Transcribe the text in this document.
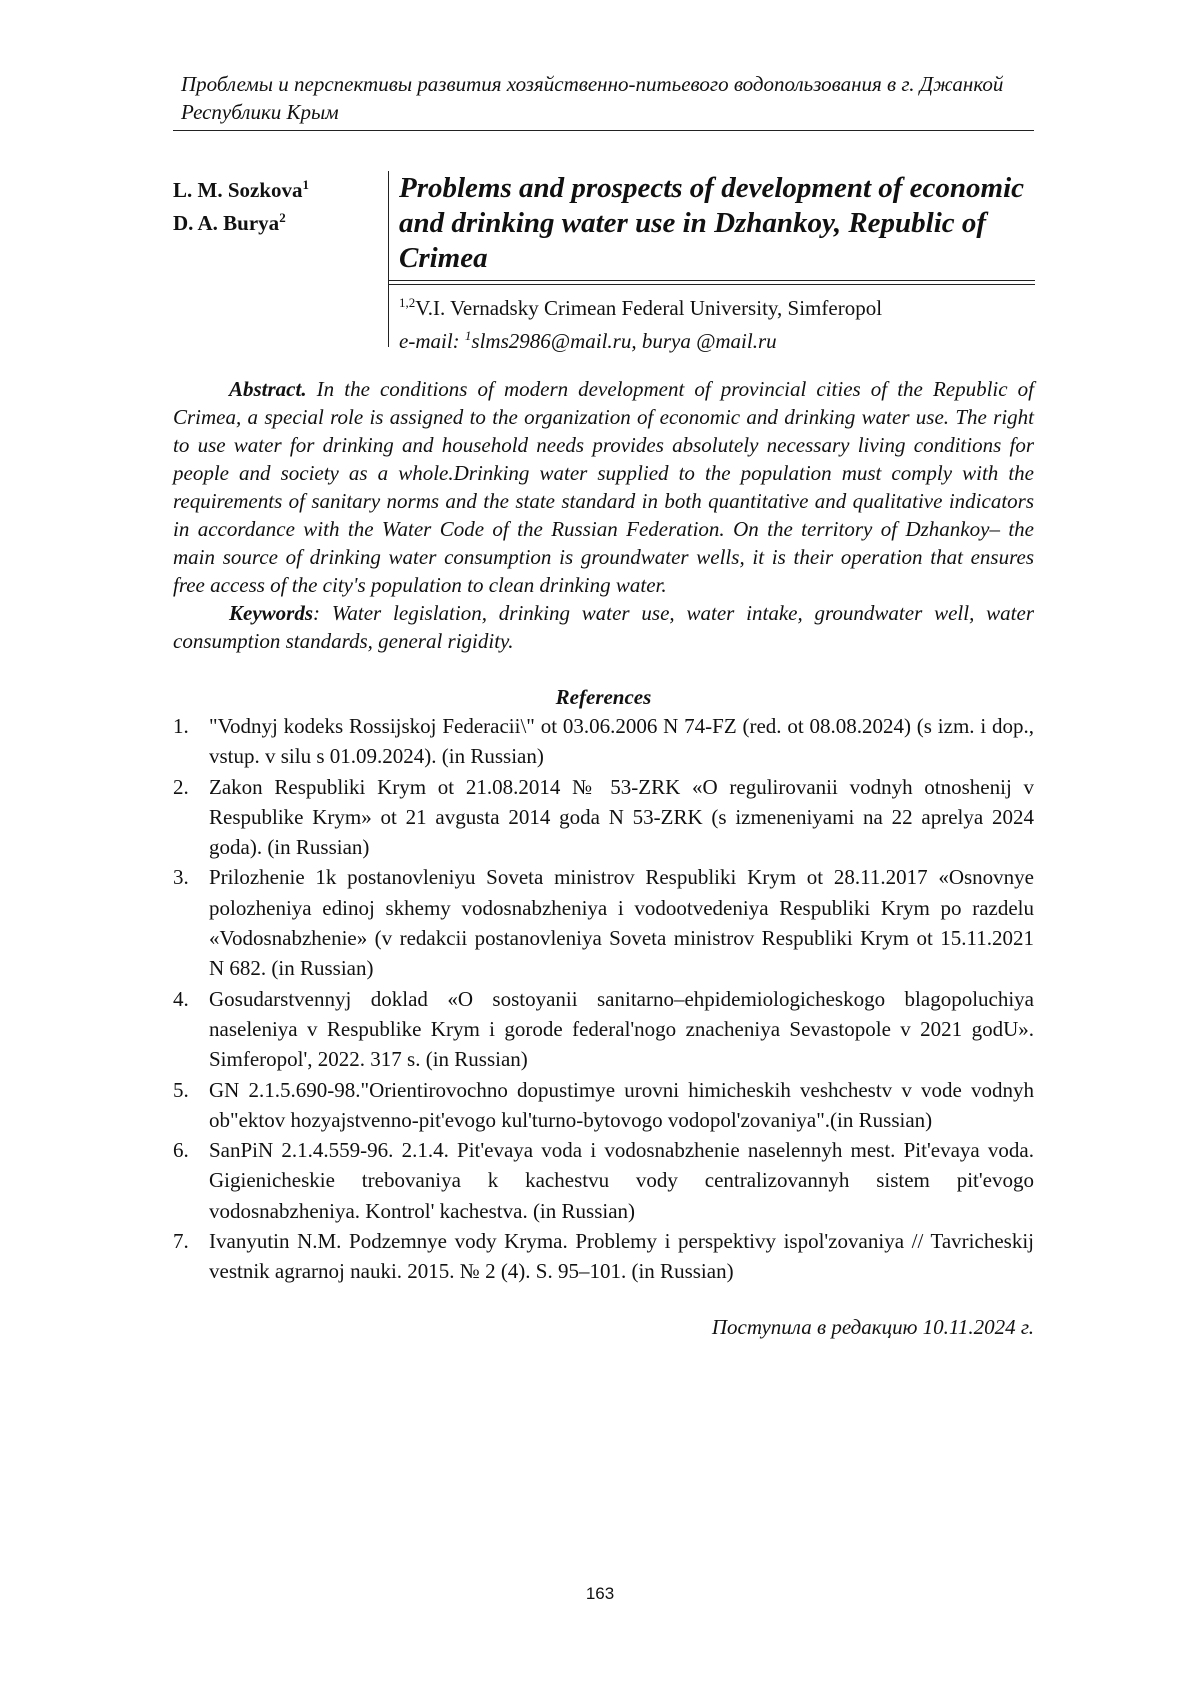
Проблемы и перспективы развития хозяйственно-питьевого водопользования в г. Джанкой Республики Крым
L. M. Sozkova$^1$
D. A. Burya$^2$
Problems and prospects of development of economic and drinking water use in Dzhankoy, Republic of Crimea
$^{1,2}$V.I. Vernadsky Crimean Federal University, Simferopol
e-mail: $^1$slms2986@mail.ru, burya @mail.ru
Abstract. In the conditions of modern development of provincial cities of the Republic of Crimea, a special role is assigned to the organization of economic and drinking water use. The right to use water for drinking and household needs provides absolutely necessary living conditions for people and society as a whole.Drinking water supplied to the population must comply with the requirements of sanitary norms and the state standard in both quantitative and qualitative indicators in accordance with the Water Code of the Russian Federation. On the territory of Dzhankoy– the main source of drinking water consumption is groundwater wells, it is their operation that ensures free access of the city's population to clean drinking water.
Keywords: Water legislation, drinking water use, water intake, groundwater well, water consumption standards, general rigidity.
References
1. "Vodnyj kodeks Rossijskoj Federacii\" ot 03.06.2006 N 74-FZ (red. ot 08.08.2024) (s izm. i dop., vstup. v silu s 01.09.2024). (in Russian)
2. Zakon Respubliki Krym ot 21.08.2014 № 53-ZRK «O regulirovanii vodnyh otnoshenij v Respublike Krym» ot 21 avgusta 2014 goda N 53-ZRK (s izmeneniyami na 22 aprelya 2024 goda). (in Russian)
3. Prilozhenie 1k postanovleniyu Soveta ministrov Respubliki Krym ot 28.11.2017 «Osnovnye polozheniya edinoj skhemy vodosnabzheniya i vodootvedeniya Respubliki Krym po razdelu «Vodosnabzhenie» (v redakcii postanovleniya Soveta ministrov Respubliki Krym ot 15.11.2021 N 682. (in Russian)
4. Gosudarstvennyj doklad «O sostoyanii sanitarno–ehpidemiologicheskogo blagopoluchiya naseleniya v Respublike Krym i gorode federal'nogo znacheniya Sevastopole v 2021 godU». Simferopol', 2022. 317 s. (in Russian)
5. GN 2.1.5.690-98."Orientirovochno dopustimye urovni himicheskih veshchestv v vode vodnyh ob"ektov hozyajstvenno-pit'evogo kul'turno-bytovogo vodopol'zovaniya".(in Russian)
6. SanPiN 2.1.4.559-96. 2.1.4. Pit'evaya voda i vodosnabzhenie naselennyh mest. Pit'evaya voda. Gigienicheskie trebovaniya k kachestvu vody centralizovannyh sistem pit'evogo vodosnabzheniya. Kontrol' kachestva. (in Russian)
7. Ivanyutin N.M. Podzemnye vody Kryma. Problemy i perspektivy ispol'zovaniya // Tavricheskij vestnik agrarnoj nauki. 2015. № 2 (4). S. 95–101. (in Russian)
Поступила в редакцию 10.11.2024 г.
163
